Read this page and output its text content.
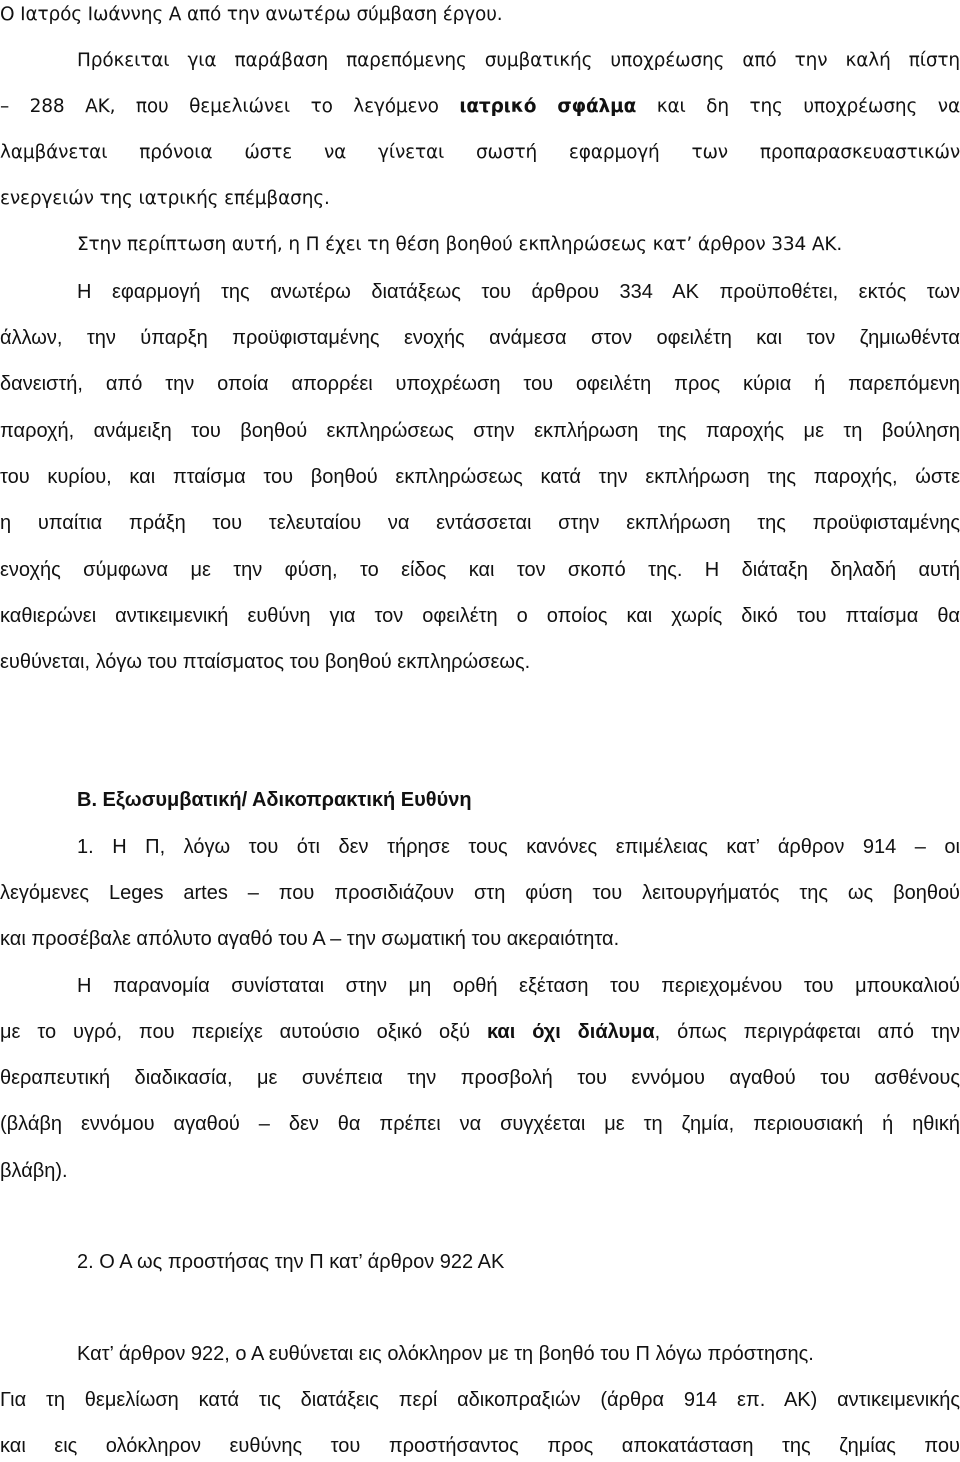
Ο Ιατρός Ιωάννης Α από την ανωτέρω σύμβαση έργου.
Πρόκειται για παράβαση παρεπόμενης συμβατικής υποχρέωσης από την καλή πίστη
– 288 ΑΚ, που θεμελιώνει το λεγόμενο ιατρικό σφάλμα και δη της υποχρέωσης να
λαμβάνεται πρόνοια ώστε να γίνεται σωστή εφαρμογή των προπαρασκευαστικών
ενεργειών της ιατρικής επέμβασης.
Στην περίπτωση αυτή, η Π έχει τη θέση βοηθού εκπληρώσεως κατ’ άρθρον 334 ΑΚ.
Η εφαρμογή της ανωτέρω διατάξεως του άρθρου 334 ΑΚ προϋποθέτει, εκτός των
άλλων, την ύπαρξη προϋφισταμένης ενοχής ανάμεσα στον οφειλέτη και τον ζημιωθέντα
δανειστή, από την οποία απορρέει υποχρέωση του οφειλέτη προς κύρια ή παρεπόμενη
παροχή, ανάμειξη του βοηθού εκπληρώσεως στην εκπλήρωση της παροχής με τη βούληση
του κυρίου, και πταίσμα του βοηθού εκπληρώσεως κατά την εκπλήρωση της παροχής, ώστε
η υπαίτια πράξη του τελευταίου να εντάσσεται στην εκπλήρωση της προϋφισταμένης
ενοχής σύμφωνα με την φύση, το είδος και τον σκοπό της. Η διάταξη δηλαδή αυτή
καθιερώνει αντικειμενική ευθύνη για τον οφειλέτη ο οποίος και χωρίς δικό του πταίσμα θα
ευθύνεται, λόγω του πταίσματος του βοηθού εκπληρώσεως.
Β. Εξωσυμβατική/ Αδικοπρακτική Ευθύνη
1. Η Π, λόγω του ότι δεν τήρησε τους κανόνες επιμέλειας κατ’ άρθρον 914 – οι
λεγόμενες Leges artes – που προσιδιάζουν στη φύση του λειτουργήματός της ως βοηθού
και προσέβαλε απόλυτο αγαθό του Α – την σωματική του ακεραιότητα.
Η παρανομία συνίσταται στην μη ορθή εξέταση του περιεχομένου του μπουκαλιού
με το υγρό, που περιείχε αυτούσιο οξικό οξύ και όχι διάλυμα, όπως περιγράφεται από την
θεραπευτική διαδικασία, με συνέπεια την προσβολή του εννόμου αγαθού του ασθένους
(βλάβη εννόμου αγαθού – δεν θα πρέπει να συγχέεται με τη ζημία, περιουσιακή ή ηθική
βλάβη).
2. Ο Α ως προστήσας την Π κατ’ άρθρον 922 ΑΚ
Κατ’ άρθρον 922, ο Α ευθύνεται εις ολόκληρον με τη βοηθό του Π λόγω πρόστησης.
Για τη θεμελίωση κατά τις διατάξεις περί αδικοπραξιών (άρθρα 914 επ. ΑΚ) αντικειμενικής
και εις ολόκληρον ευθύνης του προστήσαντος προς αποκατάσταση της ζημίας που
